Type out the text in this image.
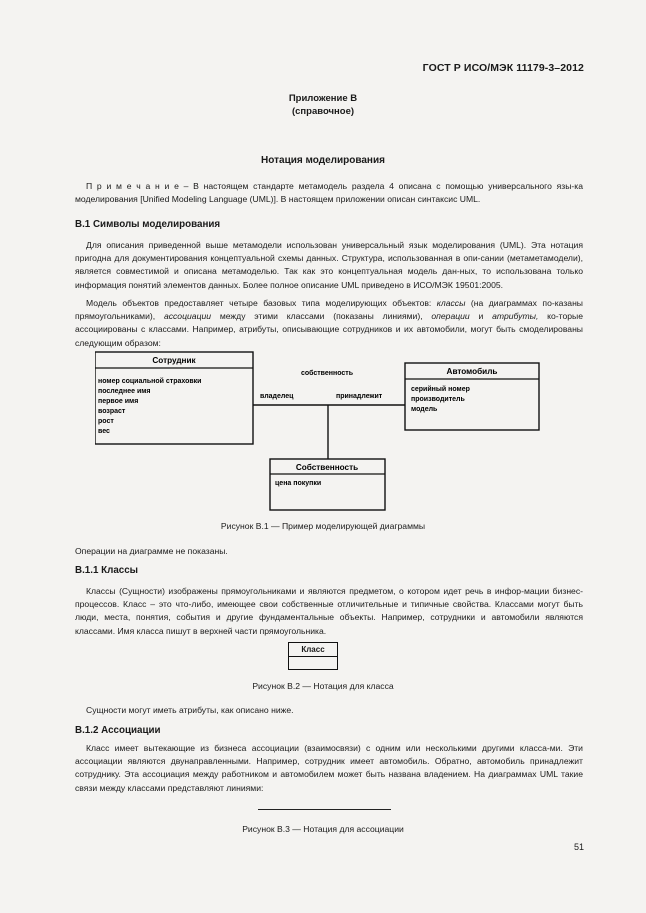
ГОСТ Р ИСО/МЭК 11179-3–2012
Приложение В
(справочное)
Нотация моделирования
П р и м е ч а н и е – В настоящем стандарте метамодель раздела 4 описана с помощью универсального язы-ка моделирования [Unified Modeling Language (UML)]. В настоящем приложении описан синтаксис UML.
В.1 Символы моделирования
Для описания приведенной выше метамодели использован универсальный язык моделирования (UML). Эта нотация пригодна для документирования концептуальной схемы данных. Структура, использованная в опи-сании (метаметамодели), является совместимой и описана метамоделью. Так как это концептуальная модель дан-ных, то использована только информация понятий элементов данных. Более полное описание UML приведено в ИСО/МЭК 19501:2005.
Модель объектов предоставляет четыре базовых типа моделирующих объектов: классы (на диаграммах по-казаны прямоугольниками), ассоциации между этими классами (показаны линиями), операции и атрибуты, ко-торые ассоциированы с классами. Например, атрибуты, описывающие сотрудников и их автомобили, могут быть смоделированы следующим образом:
Сотрудник
номер социальной страховки
последнее имя
первое имя
возраст
рост
вес
собственность
владелец	принадлежит
Автомобиль
серийный номер
производитель
модель
Собственность
цена покупки
Рисунок В.1 — Пример моделирующей диаграммы
Операции на диаграмме не показаны.
В.1.1 Классы
Классы (Сущности) изображены прямоугольниками и являются предметом, о котором идет речь в инфор-мации бизнес-процессов. Класс – это что-либо, имеющее свои собственные отличительные и типичные свойства. Классами могут быть люди, места, понятия, события и другие фундаментальные объекты. Например, сотрудники и автомобили являются классами. Имя класса пишут в верхней части прямоугольника.
Класс
Рисунок В.2 — Нотация для класса
Сущности могут иметь атрибуты, как описано ниже.
В.1.2 Ассоциации
Класс имеет вытекающие из бизнеса ассоциации (взаимосвязи) с одним или несколькими другими класса-ми. Эти ассоциации являются двунаправленными. Например, сотрудник имеет автомобиль. Обратно, автомобиль принадлежит сотруднику. Эта ассоциация между работником и автомобилем может быть названа владением. На диаграммах UML такие связи между классами представляют линиями:
Рисунок В.3 — Нотация для ассоциации
51
